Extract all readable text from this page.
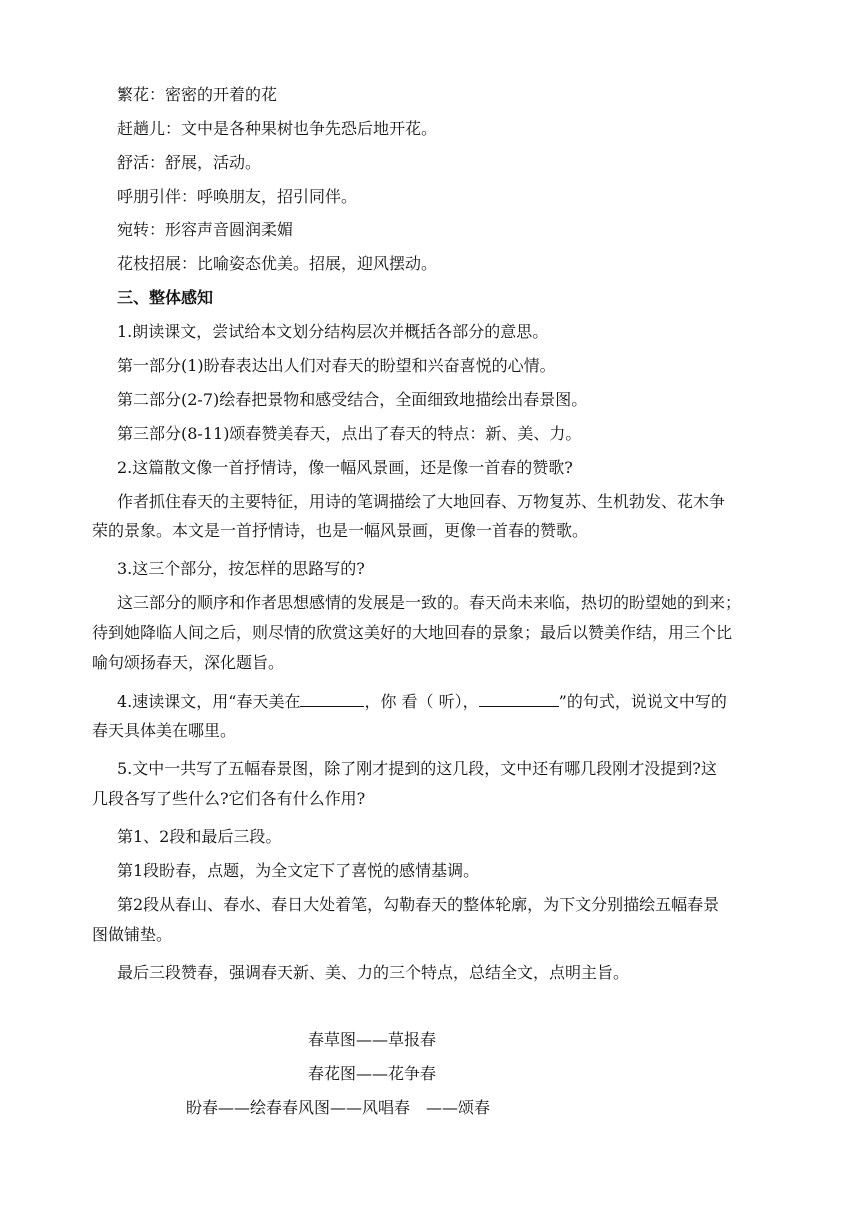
繁花：密密的开着的花
赶趟儿：文中是各种果树也争先恐后地开花。
舒活：舒展，活动。
呼朋引伴：呼唤朋友，招引同伴。
宛转：形容声音圆润柔媚
花枝招展：比喻姿态优美。招展，迎风摆动。
三、整体感知
1.朗读课文，尝试给本文划分结构层次并概括各部分的意思。
第一部分(1)盼春表达出人们对春天的盼望和兴奋喜悦的心情。
第二部分(2-7)绘春把景物和感受结合，全面细致地描绘出春景图。
第三部分(8-11)颂春赞美春天，点出了春天的特点：新、美、力。
2.这篇散文像一首抒情诗，像一幅风景画，还是像一首春的赞歌?
作者抓住春天的主要特征，用诗的笔调描绘了大地回春、万物复苏、生机勃发、花木争
荣的景象。本文是一首抒情诗，也是一幅风景画，更像一首春的赞歌。
3.这三个部分，按怎样的思路写的?
这三部分的顺序和作者思想感情的发展是一致的。春天尚未来临，热切的盼望她的到来；
待到她降临人间之后，则尽情的欣赏这美好的大地回春的景象；最后以赞美作结，用三个比
喻句颂扬春天，深化题旨。
4.速读课文，用“春天美在	，你 看（ 听），	”的句式，说说文中写的
春天具体美在哪里。
5.文中一共写了五幅春景图，除了刚才提到的这几段，文中还有哪几段刚才没提到?这
几段各写了些什么?它们各有什么作用?
第1、2段和最后三段。
第1段盼春，点题，为全文定下了喜悦的感情基调。
第2段从春山、春水、春日大处着笔，勾勒春天的整体轮廓，为下文分别描绘五幅春景
图做铺垫。
最后三段赞春，强调春天新、美、力的三个特点，总结全文，点明主旨。
春草图——草报春
春花图——花争春
盼春——绘春春风图——风唱春　——颂春
